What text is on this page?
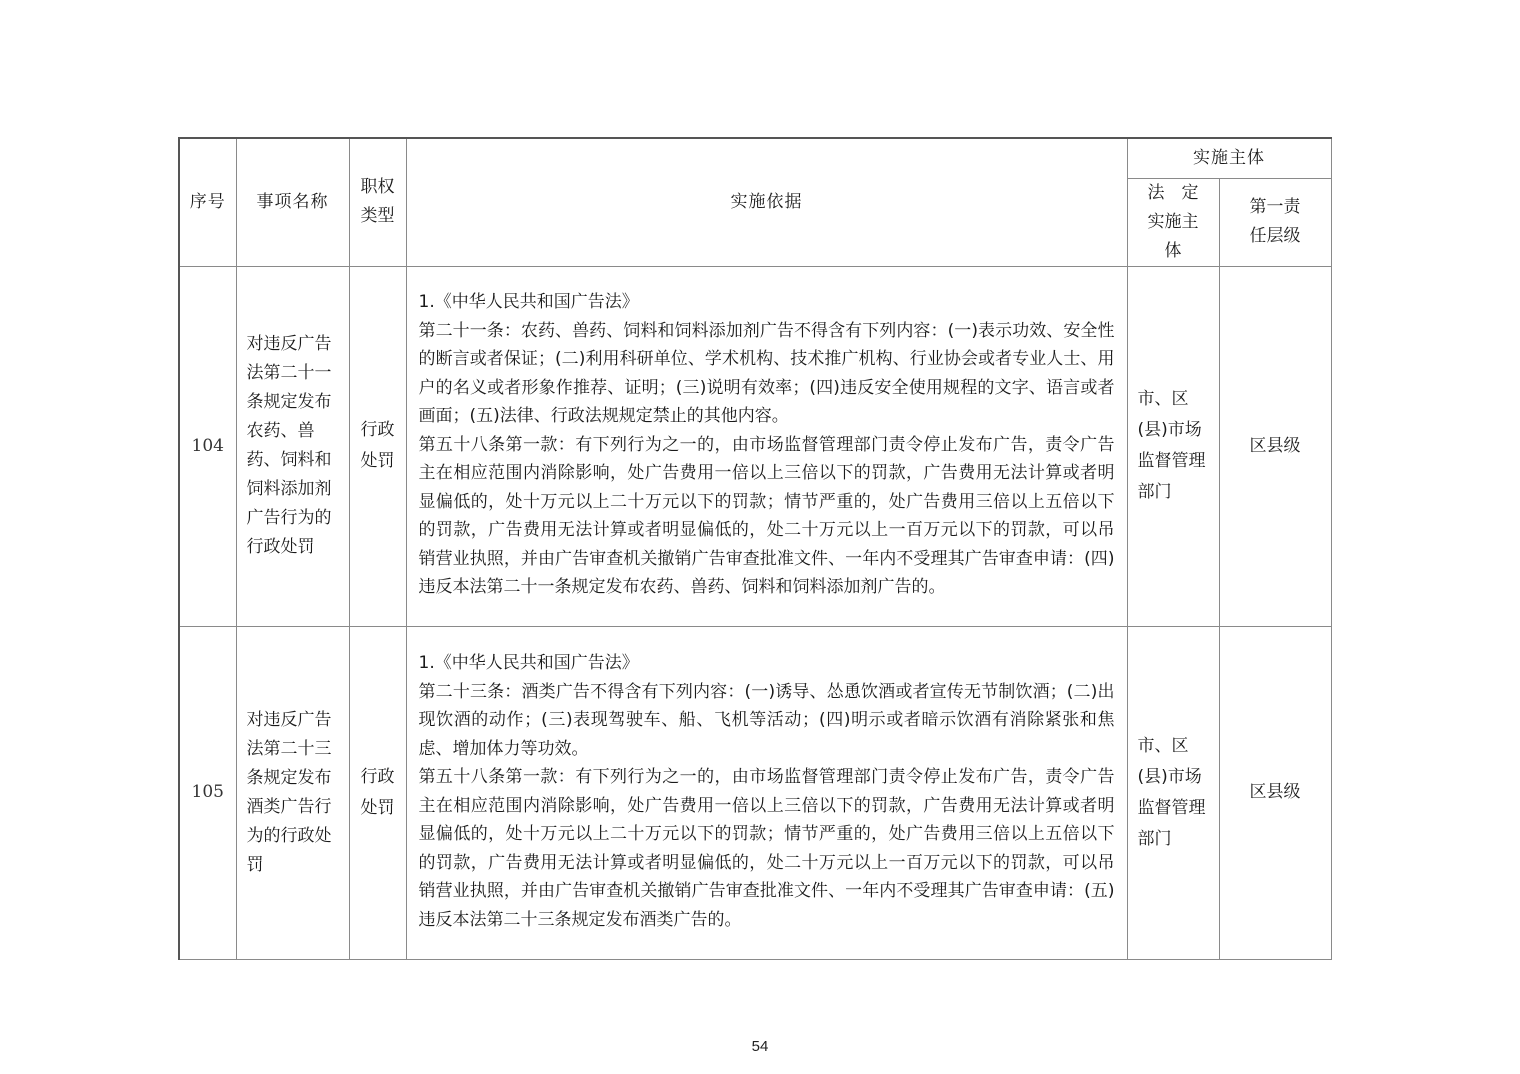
序号	事项名称	职权类型	实施依据	实施主体	
				法　定实施主体	第一责任层级
104	对违反广告法第二十一条规定发布农药、兽药、饲料和饲料添加剂广告行为的行政处罚	行政处罚	1.《中华人民共和国广告法》

第二十一条：农药、兽药、饲料和饲料添加剂广告不得含有下列内容：(一)表示功效、安全性的断言或者保证；(二)利用科研单位、学术机构、技术推广机构、行业协会或者专业人士、用户的名义或者形象作推荐、证明；(三)说明有效率；(四)违反安全使用规程的文字、语言或者画面；(五)法律、行政法规规定禁止的其他内容。

第五十八条第一款：有下列行为之一的，由市场监督管理部门责令停止发布广告，责令广告主在相应范围内消除影响，处广告费用一倍以上三倍以下的罚款，广告费用无法计算或者明显偏低的，处十万元以上二十万元以下的罚款；情节严重的，处广告费用三倍以上五倍以下的罚款，广告费用无法计算或者明显偏低的，处二十万元以上一百万元以下的罚款，可以吊销营业执照，并由广告审查机关撤销广告审查批准文件、一年内不受理其广告审查申请：(四)违反本法第二十一条规定发布农药、兽药、饲料和饲料添加剂广告的。	市、区(县)市场监督管理部门	区县级
105	对违反广告法第二十三条规定发布酒类广告行为的行政处罚	行政处罚	1.《中华人民共和国广告法》

第二十三条：酒类广告不得含有下列内容：(一)诱导、怂恿饮酒或者宣传无节制饮酒；(二)出现饮酒的动作；(三)表现驾驶车、船、飞机等活动；(四)明示或者暗示饮酒有消除紧张和焦虑、增加体力等功效。

第五十八条第一款：有下列行为之一的，由市场监督管理部门责令停止发布广告，责令广告主在相应范围内消除影响，处广告费用一倍以上三倍以下的罚款，广告费用无法计算或者明显偏低的，处十万元以上二十万元以下的罚款；情节严重的，处广告费用三倍以上五倍以下的罚款，广告费用无法计算或者明显偏低的，处二十万元以上一百万元以下的罚款，可以吊销营业执照，并由广告审查机关撤销广告审查批准文件、一年内不受理其广告审查申请：(五)违反本法第二十三条规定发布酒类广告的。	市、区(县)市场监督管理部门	区县级
54
